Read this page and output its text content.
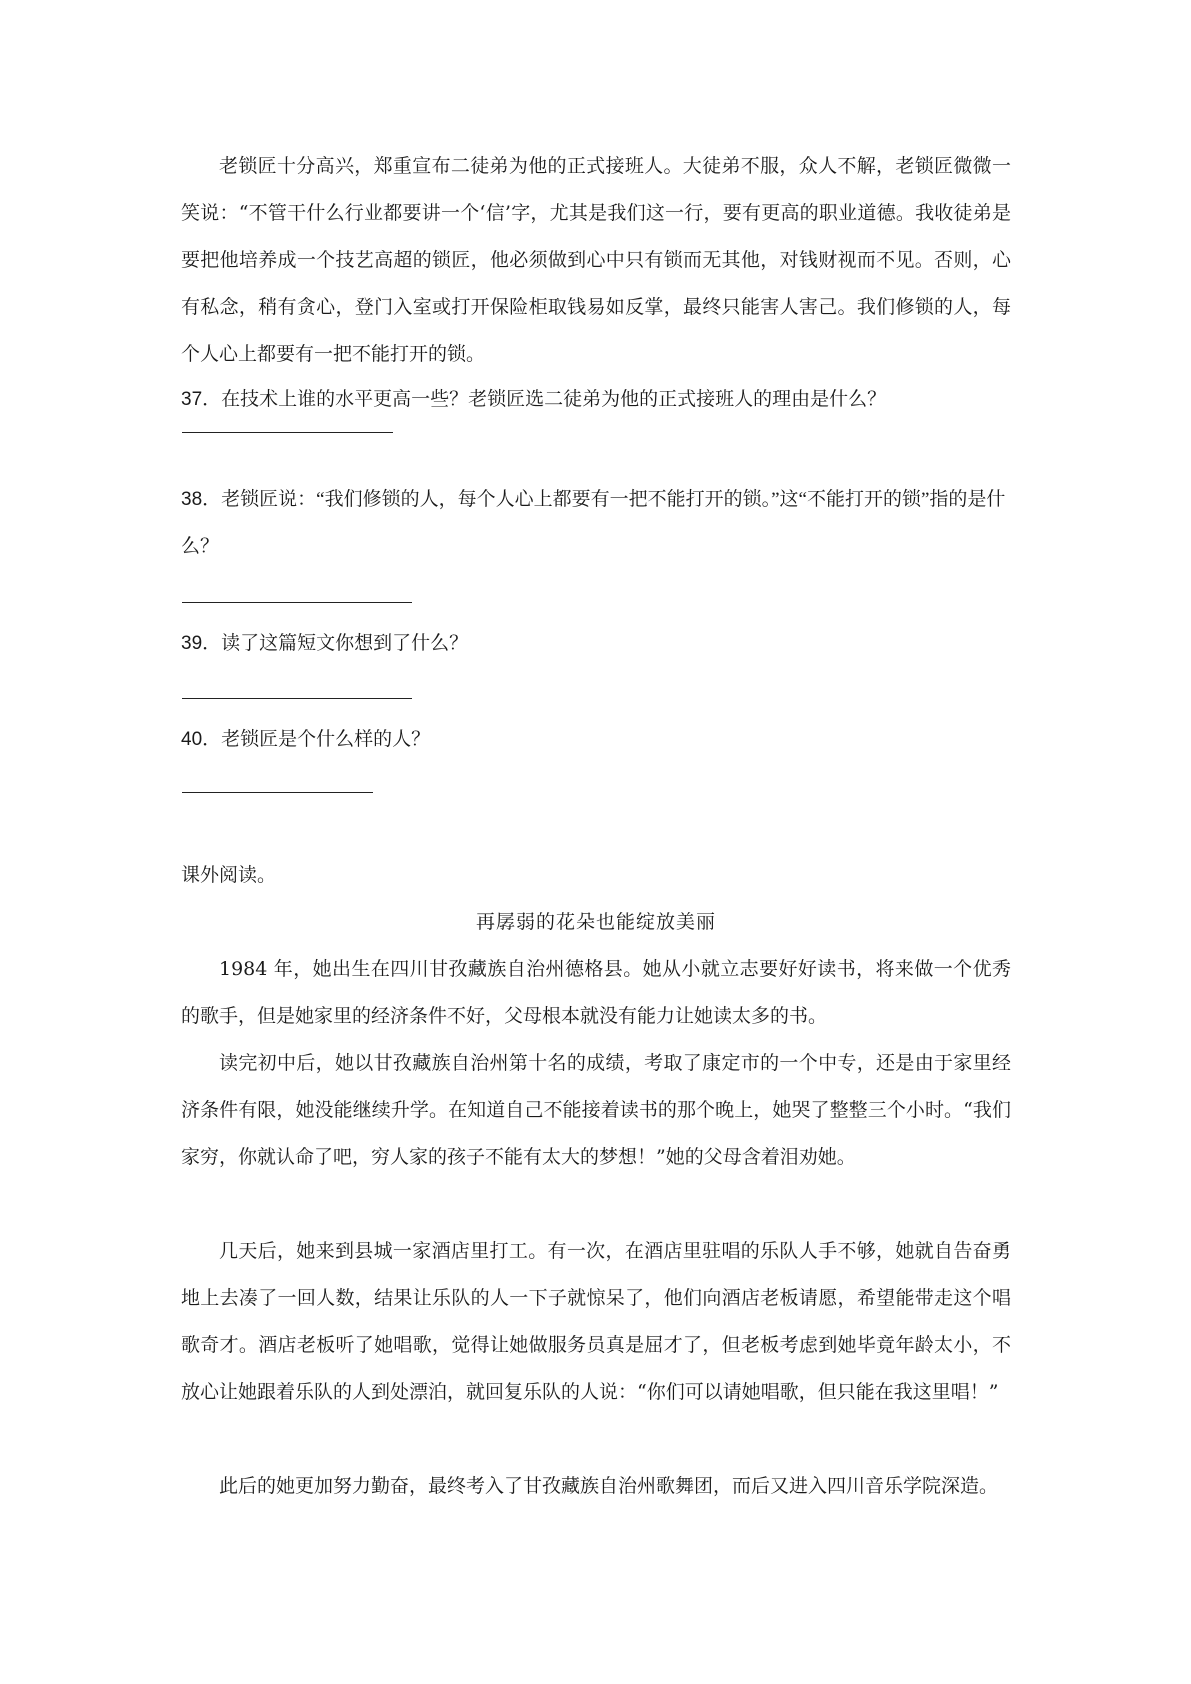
老锁匠十分高兴，郑重宣布二徒弟为他的正式接班人。大徒弟不服，众人不解，老锁匠微微一笑说：“不管干什么行业都要讲一个‘信’字，尤其是我们这一行，要有更高的职业道德。我收徒弟是要把他培养成一个技艺高超的锁匠，他必须做到心中只有锁而无其他，对钱财视而不见。否则，心有私念，稍有贪心，登门入室或打开保险柜取钱易如反掌，最终只能害人害己。我们修锁的人，每个人心上都要有一把不能打开的锁。

37．在技术上谁的水平更高一些？老锁匠选二徒弟为他的正式接班人的理由是什么？

38．老锁匠说：“我们修锁的人，每个人心上都要有一把不能打开的锁。”这“不能打开的锁”指的是什么？

39．读了这篇短文你想到了什么？

40．老锁匠是个什么样的人？

课外阅读。

再孱弱的花朵也能绽放美丽

1984 年，她出生在四川甘孜藏族自治州德格县。她从小就立志要好好读书，将来做一个优秀的歌手，但是她家里的经济条件不好，父母根本就没有能力让她读太多的书。

读完初中后，她以甘孜藏族自治州第十名的成绩，考取了康定市的一个中专，还是由于家里经济条件有限，她没能继续升学。在知道自己不能接着读书的那个晚上，她哭了整整三个小时。“我们家穷，你就认命了吧，穷人家的孩子不能有太大的梦想！”她的父母含着泪劝她。

几天后，她来到县城一家酒店里打工。有一次，在酒店里驻唱的乐队人手不够，她就自告奋勇地上去凑了一回人数，结果让乐队的人一下子就惊呆了，他们向酒店老板请愿，希望能带走这个唱歌奇才。酒店老板听了她唱歌，觉得让她做服务员真是屈才了，但老板考虑到她毕竟年龄太小，不放心让她跟着乐队的人到处漂泊，就回复乐队的人说：“你们可以请她唱歌，但只能在我这里唱！”

此后的她更加努力勤奋，最终考入了甘孜藏族自治州歌舞团，而后又进入四川音乐学院深造。
